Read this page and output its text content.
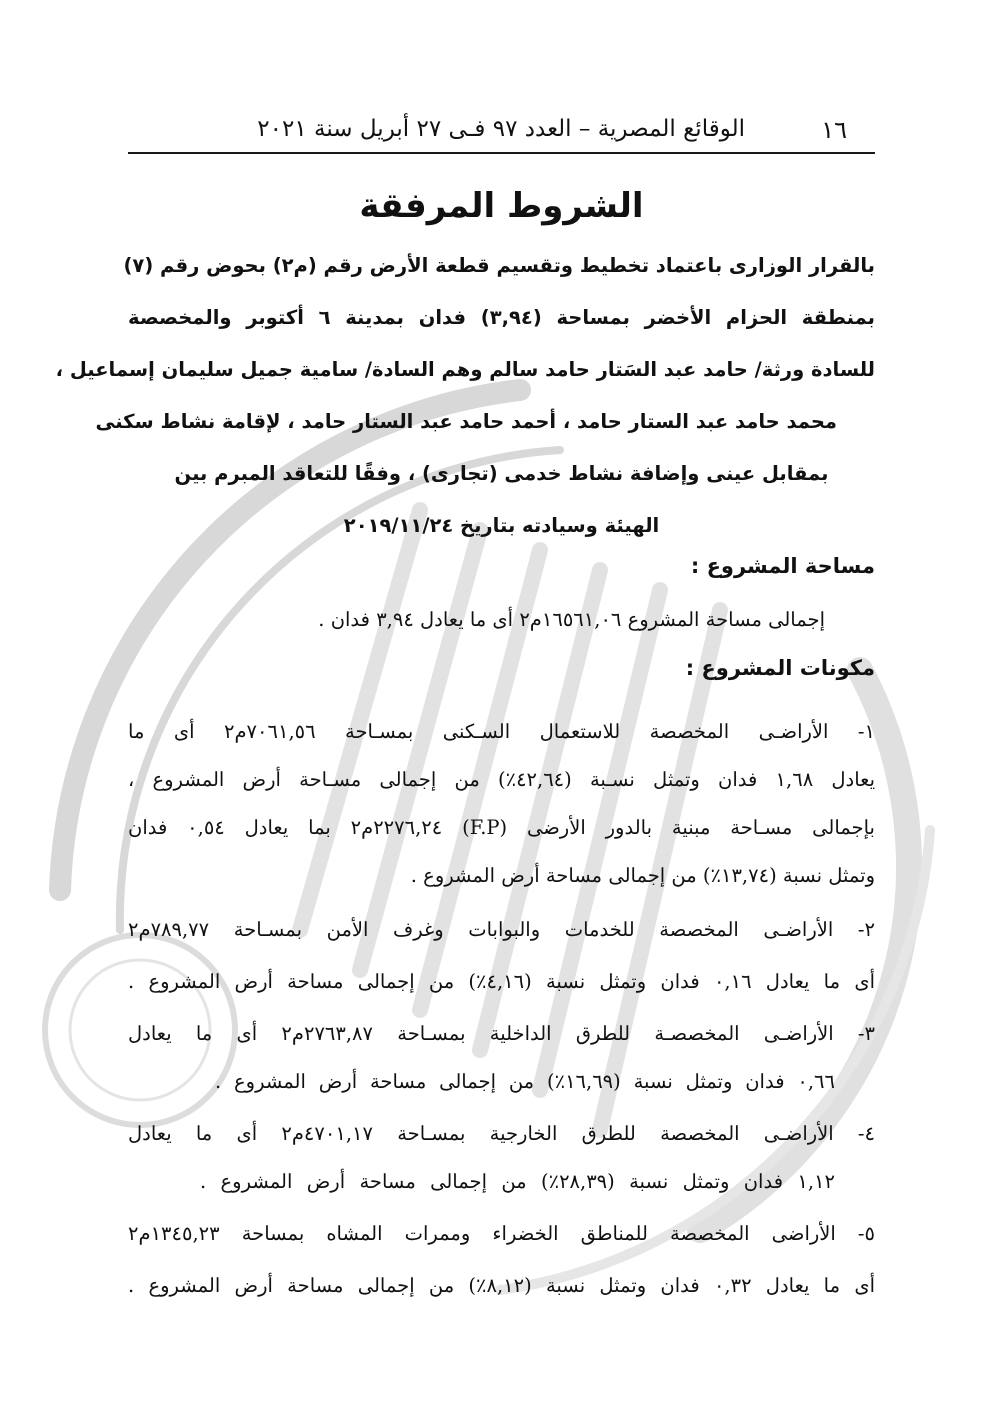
١٦
الوقائع المصرية – العدد ٩٧ فـى ٢٧ أبريل سنة ٢٠٢١
الشروط المرفقة
بالقرار الوزارى باعتماد تخطيط وتقسيم قطعة الأرض رقم (م٢) بحوض رقم (٧)
بمنطقة الحزام الأخضر بمساحة (٣,٩٤) فدان بمدينة ٦ أكتوبر والمخصصة
للسادة ورثة/ حامد عبد السَتار حامد سالم وهم السادة/ سامية جميل سليمان إسماعيل ،
محمد حامد عبد الستار حامد ، أحمد حامد عبد الستار حامد ، لإقامة نشاط سكنى
بمقابل عينى وإضافة نشاط خدمى (تجارى) ، وفقًا للتعاقد المبرم بين
الهيئة وسيادته بتاريخ ٢٠١٩/١١/٢٤
مساحة المشروع :
إجمالى مساحة المشروع ١٦٥٦١,٠٦م٢ أى ما يعادل ٣,٩٤ فدان .
مكونات المشروع :
١- الأراضـى المخصصة للاستعمال السـكنى بمسـاحة ٧٠٦١,٥٦م٢ أى ما
يعادل ١,٦٨ فدان وتمثل نسـبة (٤٢,٦٤٪) من إجمالى مسـاحة أرض المشروع ،
بإجمالى مسـاحة مبنية بالدور الأرضى (F.P) ٢٢٧٦,٢٤م٢ بما يعادل ٠,٥٤ فدان
وتمثل نسبة (١٣,٧٤٪) من إجمالى مساحة أرض المشروع .
٢- الأراضـى المخصصة للخدمات والبوابات وغرف الأمن بمسـاحة ٧٨٩,٧٧م٢
أى ما يعادل ٠,١٦ فدان وتمثل نسبة (٤,١٦٪) من إجمالى مساحة أرض المشروع .
٣- الأراضـى المخصصـة للطرق الداخلية بمسـاحة ٢٧٦٣,٨٧م٢ أى ما يعادل
٠,٦٦ فدان وتمثل نسبة (١٦,٦٩٪) من إجمالى مساحة أرض المشروع .
٤- الأراضـى المخصصة للطرق الخارجية بمسـاحة ٤٧٠١,١٧م٢ أى ما يعادل
١,١٢ فدان وتمثل نسبة (٢٨,٣٩٪) من إجمالى مساحة أرض المشروع .
٥- الأراضى المخصصة للمناطق الخضراء وممرات المشاه بمساحة ١٣٤٥,٢٣م٢
أى ما يعادل ٠,٣٢ فدان وتمثل نسبة (٨,١٢٪) من إجمالى مساحة أرض المشروع .
